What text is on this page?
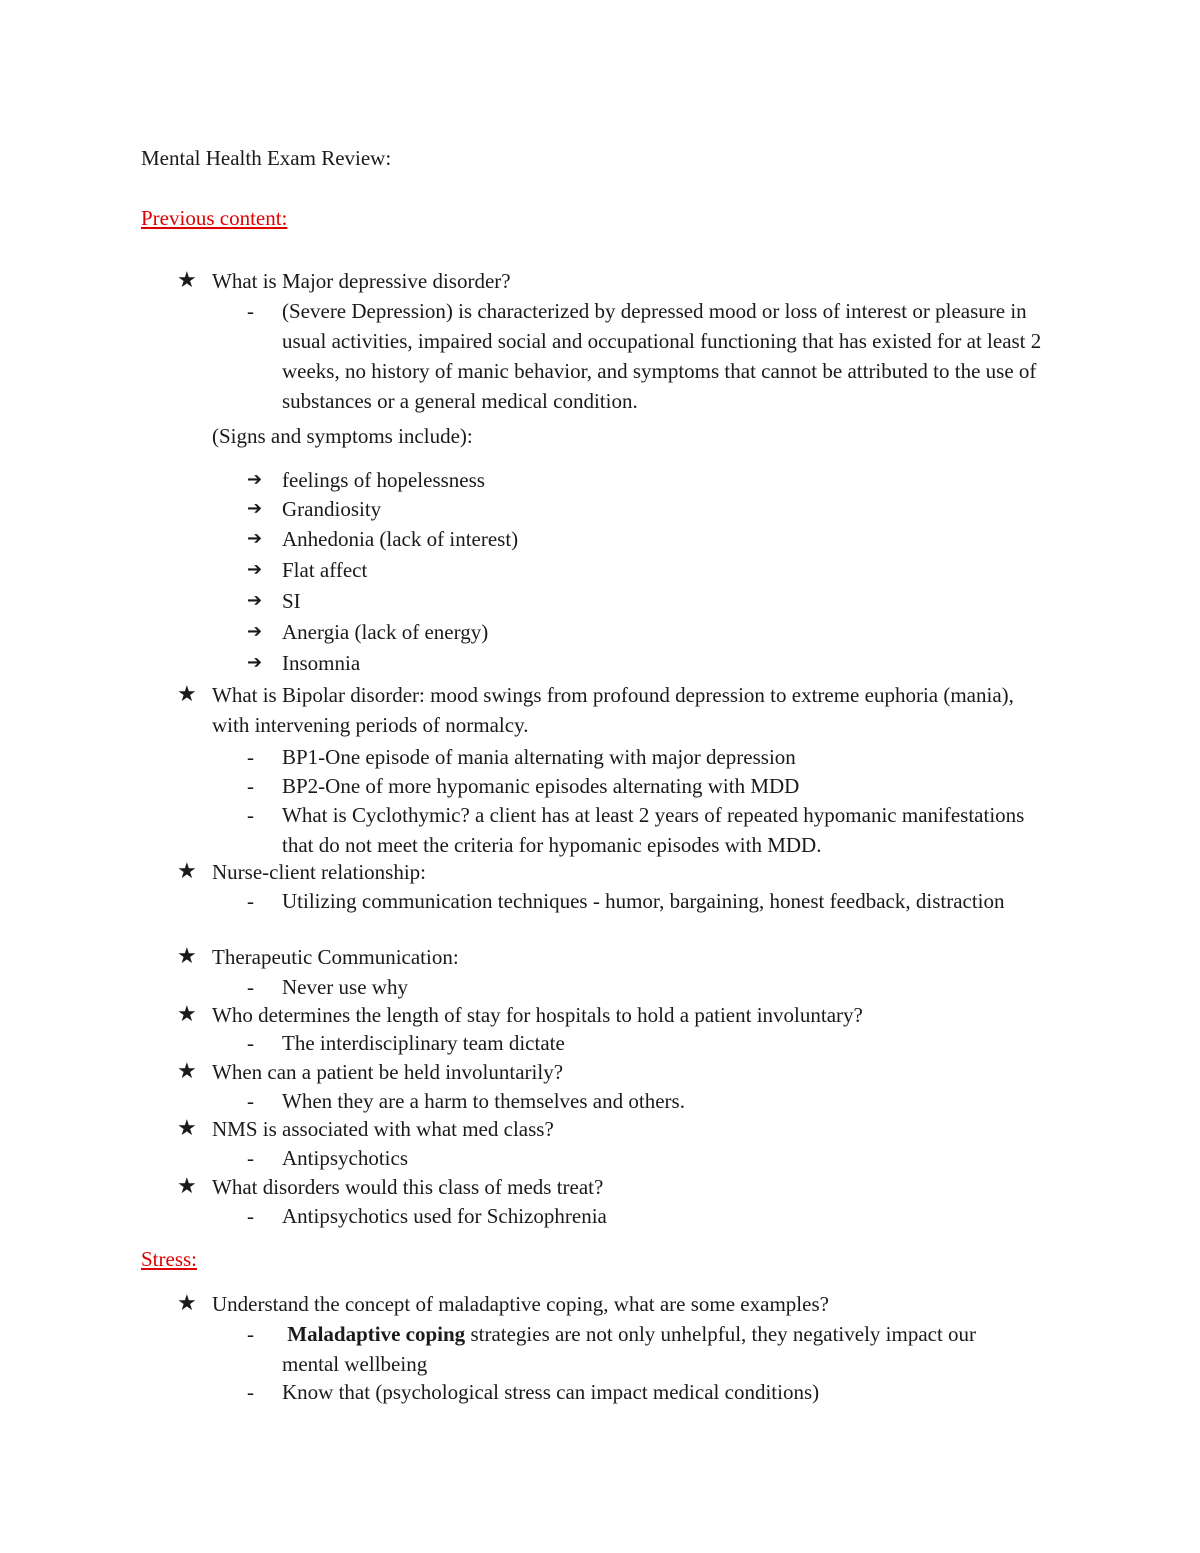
Mental Health Exam Review:
Previous content:
★ What is Major depressive disorder?
- (Severe Depression) is characterized by depressed mood or loss of interest or pleasure in usual activities, impaired social and occupational functioning that has existed for at least 2 weeks, no history of manic behavior, and symptoms that cannot be attributed to the use of substances or a general medical condition.
(Signs and symptoms include):
➔ feelings of hopelessness
➔ Grandiosity
➔ Anhedonia (lack of interest)
➔ Flat affect
➔ SI
➔ Anergia (lack of energy)
➔ Insomnia
★ What is Bipolar disorder: mood swings from profound depression to extreme euphoria (mania), with intervening periods of normalcy.
- BP1-One episode of mania alternating with major depression
- BP2-One of more hypomanic episodes alternating with MDD
- What is Cyclothymic? a client has at least 2 years of repeated hypomanic manifestations that do not meet the criteria for hypomanic episodes with MDD.
★ Nurse-client relationship:
- Utilizing communication techniques - humor, bargaining, honest feedback, distraction
★ Therapeutic Communication:
- Never use why
★ Who determines the length of stay for hospitals to hold a patient involuntary?
- The interdisciplinary team dictate
★ When can a patient be held involuntarily?
- When they are a harm to themselves and others.
★ NMS is associated with what med class?
- Antipsychotics
★ What disorders would this class of meds treat?
- Antipsychotics used for Schizophrenia
Stress:
★ Understand the concept of maladaptive coping, what are some examples?
- Maladaptive coping strategies are not only unhelpful, they negatively impact our mental wellbeing
- Know that (psychological stress can impact medical conditions)
